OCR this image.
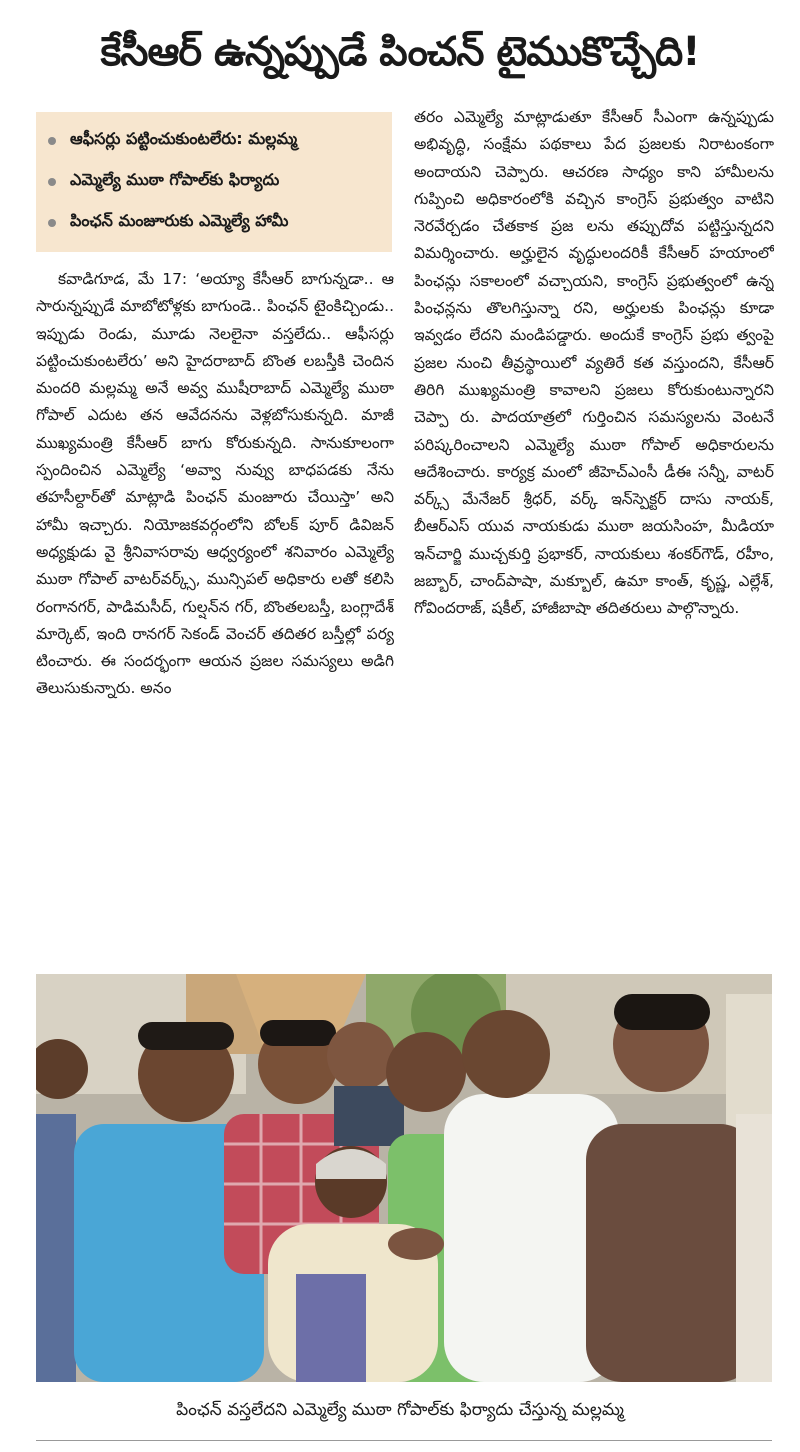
కేసీఆర్ ఉన్నప్పుడే పించన్ టైముకొచ్చేది!
ఆఫీసర్లు పట్టించుకుంటలేరు: మల్లమ్మ
ఎమ్మెల్యే ముఠా గోపాల్‌కు ఫిర్యాదు
పింఛన్ మంజూరుకు ఎమ్మెల్యే హామీ

కవాడిగూడ, మే 17: ‘అయ్యా కేసీఆర్ బాగున్నడా.. ఆ సారున్నప్పుడే మాబోటోళ్లకు బాగుండె.. పింఛన్ టైంకిచ్చిండు.. ఇప్పుడు రెండు, మూడు నెలలైనా వస్తలేదు.. ఆఫీసర్లు పట్టించుకుంటలేరు’ అని హైదరాబాద్ బొంత లబస్తీకి చెందిన మందరి మల్లమ్మ అనే అవ్వ ముషీరాబాద్ ఎమ్మెల్యే ముఠా గోపాల్ ఎదుట తన ఆవేదనను వెళ్లబోసుకున్నది. మాజీ ముఖ్యమంత్రి కేసీఆర్ బాగు కోరుకున్నది. సానుకూలంగా స్పందించిన ఎమ్మెల్యే ‘అవ్వా నువ్వు బాధపడకు నేను తహసీల్దార్‌తో మాట్లాడి పింఛన్ మంజూరు చేయిస్తా’ అని హామీ ఇచ్చారు. నియోజకవర్గంలోని బోలక్ పూర్ డివిజన్ అధ్యక్షుడు వై శ్రీనివాసరావు ఆధ్వర్యంలో శనివారం ఎమ్మెల్యే ముఠా గోపాల్ వాటర్‌వర్క్స్, మున్సిపల్ అధికారు లతో కలిసి రంగానగర్, పాడిమసీద్, గుల్షన్‌న గర్, బొంతలబస్తీ, బంగ్లాదేశ్ మార్కెట్, ఇంది రానగర్ సెకండ్ వెంచర్ తదితర బస్తీల్లో పర్య టించారు. ఈ సందర్భంగా ఆయన ప్రజల సమస్యలు అడిగి తెలుసుకున్నారు. అనం

తరం ఎమ్మెల్యే మాట్లాడుతూ కేసీఆర్ సీఎంగా ఉన్నప్పుడు అభివృద్ధి, సంక్షేమ పథకాలు పేద ప్రజలకు నిరాటంకంగా అందాయని చెప్పారు. ఆచరణ సాధ్యం కాని హామీలను గుప్పించి అధికారంలోకి వచ్చిన కాంగ్రెస్ ప్రభుత్వం వాటిని నెరవేర్చడం చేతకాక ప్రజ లను తప్పుదోవ పట్టిస్తున్నదని విమర్శించారు. అర్హులైన వృద్ధులందరికీ కేసీఆర్ హయాంలో పింఛన్లు సకాలంలో వచ్చాయని, కాంగ్రెస్ ప్రభుత్వంలో ఉన్న పింఛన్లను తొలగిస్తున్నా రని, అర్హులకు పింఛన్లు కూడా ఇవ్వడం లేదని మండిపడ్డారు. అందుకే కాంగ్రెస్ ప్రభు త్వంపై ప్రజల నుంచి తీవ్రస్థాయిలో వ్యతిరే కత వస్తుందని, కేసీఆర్ తిరిగి ముఖ్యమంత్రి కావాలని ప్రజలు కోరుకుంటున్నారని చెప్పా రు. పాదయాత్రలో గుర్తించిన సమస్యలను వెంటనే పరిష్కరించాలని ఎమ్మెల్యే ముఠా గోపాల్ అధికారులను ఆదేశించారు. కార్యక్ర మంలో జీహెచ్‌ఎంసీ డీఈ సన్నీ, వాటర్ వర్క్స్ మేనేజర్ శ్రీధర్, వర్క్ ఇన్‌స్పెక్టర్ దాసు నాయక్, బీఆర్‌ఎస్ యువ నాయకుడు ముఠా జయసింహ, మీడియా ఇన్‌చార్జి ముచ్చకుర్తి ప్రభాకర్, నాయకులు శంకర్‌గౌడ్, రహీం, జబ్బార్, చాంద్‌పాషా, మక్బూల్, ఉమా కాంత్, కృష్ణ, ఎల్లేశ్, గోవిందరాజ్, షకీల్, హాజీబాషా తదితరులు పాల్గొన్నారు.

పింఛన్ వస్తలేదని ఎమ్మెల్యే ముఠా గోపాల్‌కు ఫిర్యాదు చేస్తున్న మల్లమ్మ
